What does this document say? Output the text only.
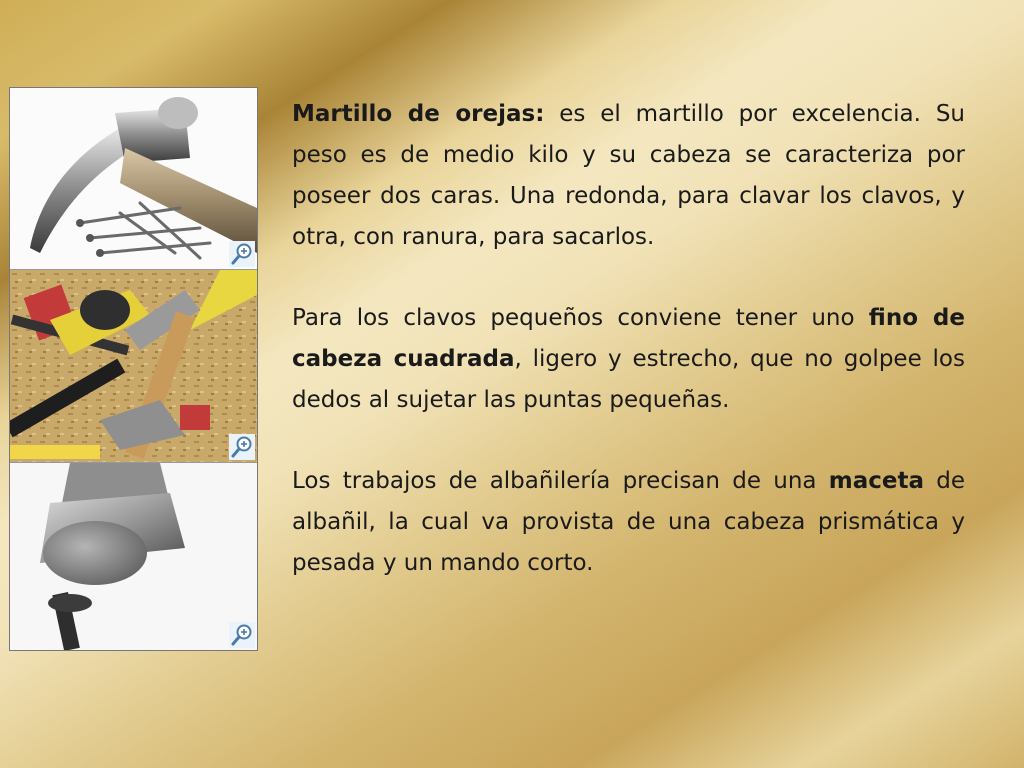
Martillo de orejas: es el martillo por excelencia. Su peso es de medio kilo y su cabeza se caracteriza por poseer dos caras. Una redonda, para clavar los clavos, y otra, con ranura, para sacarlos.

Para los clavos pequeños conviene tener uno fino de cabeza cuadrada, ligero y estrecho, que no golpee los dedos al sujetar las puntas pequeñas.

Los trabajos de albañilería precisan de una maceta de albañil, la cual va provista de una cabeza prismática y pesada y un mando corto.
